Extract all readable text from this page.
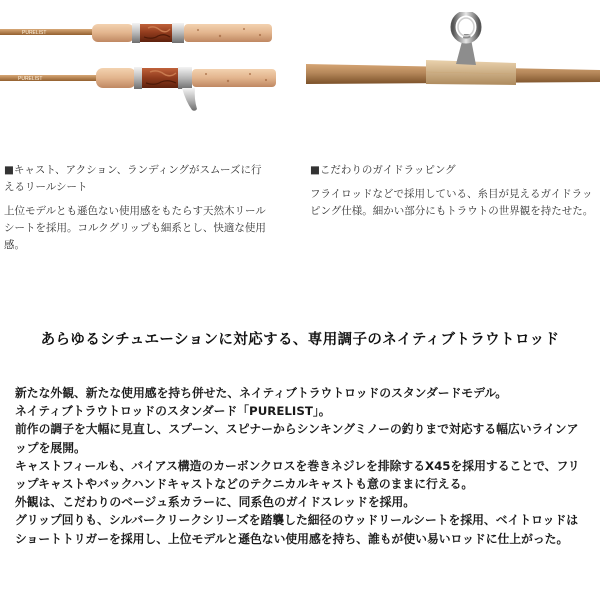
PURELIST
PURELIST
■キャスト、アクション、ランディングがスムーズに行えるリールシート
上位モデルとも遜色ない使用感をもたらす天然木リールシートを採用。コルクグリップも細系とし、快適な使用感。
■こだわりのガイドラッピング
フライロッドなどで採用している、糸目が見えるガイドラッピング仕様。細かい部分にもトラウトの世界観を持たせた。
あらゆるシチュエーションに対応する、専用調子のネイティブトラウトロッド

新たな外観、新たな使用感を持ち併せた、ネイティブトラウトロッドのスタンダードモデル。

ネイティブトラウトロッドのスタンダード「PURELIST」。

前作の調子を大幅に見直し、スプーン、スピナーからシンキングミノーの釣りまで対応する幅広いラインアップを展開。

キャストフィールも、バイアス構造のカーボンクロスを巻きネジレを排除するX45を採用することで、フリップキャストやバックハンドキャストなどのテクニカルキャストも意のままに行える。

外観は、こだわりのベージュ系カラーに、同系色のガイドスレッドを採用。

グリップ回りも、シルバークリークシリーズを踏襲した細径のウッドリールシートを採用、ベイトロッドはショートトリガーを採用し、上位モデルと遜色ない使用感を持ち、誰もが使い易いロッドに仕上がった。
